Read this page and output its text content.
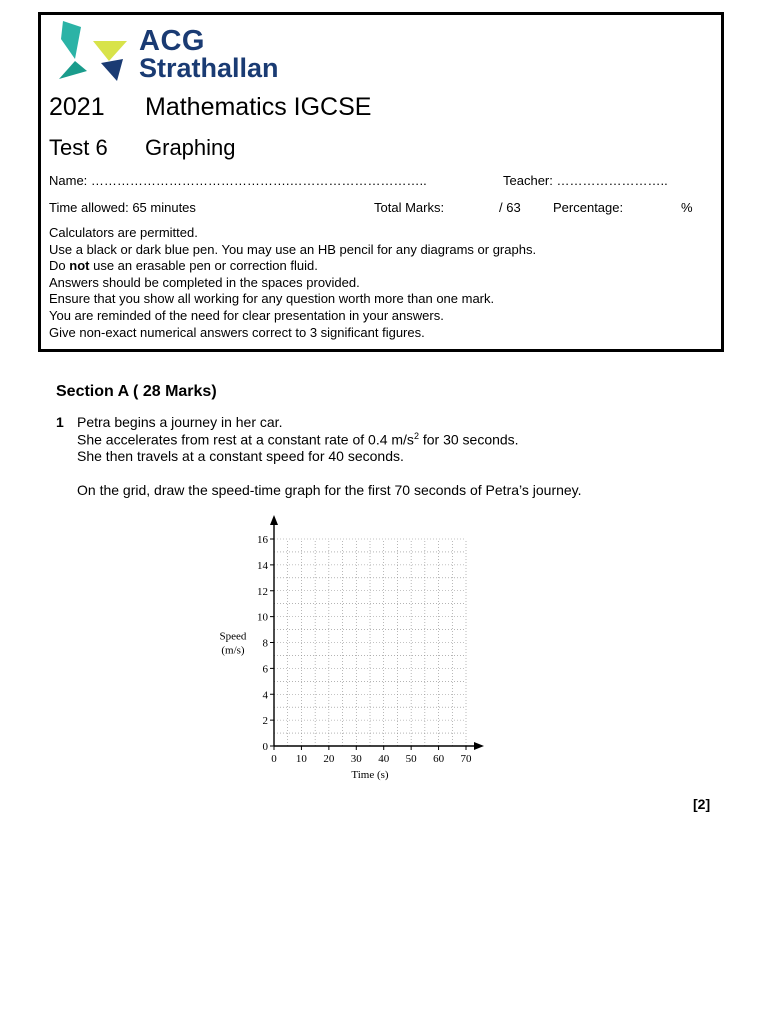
ACG
Strathallan
2021 Mathematics IGCSE
Test 6 Graphing
Name: ……………………………………….…………………………..	Teacher: ……………………..
Time allowed: 65 minutes	Total Marks:	/ 63 Percentage:	%
Calculators are permitted.
Use a black or dark blue pen. You may use an HB pencil for any diagrams or graphs.
Do not use an erasable pen or correction fluid.
Answers should be completed in the spaces provided.
Ensure that you show all working for any question worth more than one mark.
You are reminded of the need for clear presentation in your answers.
Give non-exact numerical answers correct to 3 significant figures.
Section A ( 28 Marks)
1 Petra begins a journey in her car.
She accelerates from rest at a constant rate of 0.4 $m/s^2$ for 30 seconds.
She then travels at a constant speed for 40 seconds.
On the grid, draw the speed-time graph for the first 70 seconds of Petra’s journey.
0
2
4
6
8
10
12
14
16
0 10 20 30 40 50 60 70
Time (s)
Speed
(m/s)
[2]
